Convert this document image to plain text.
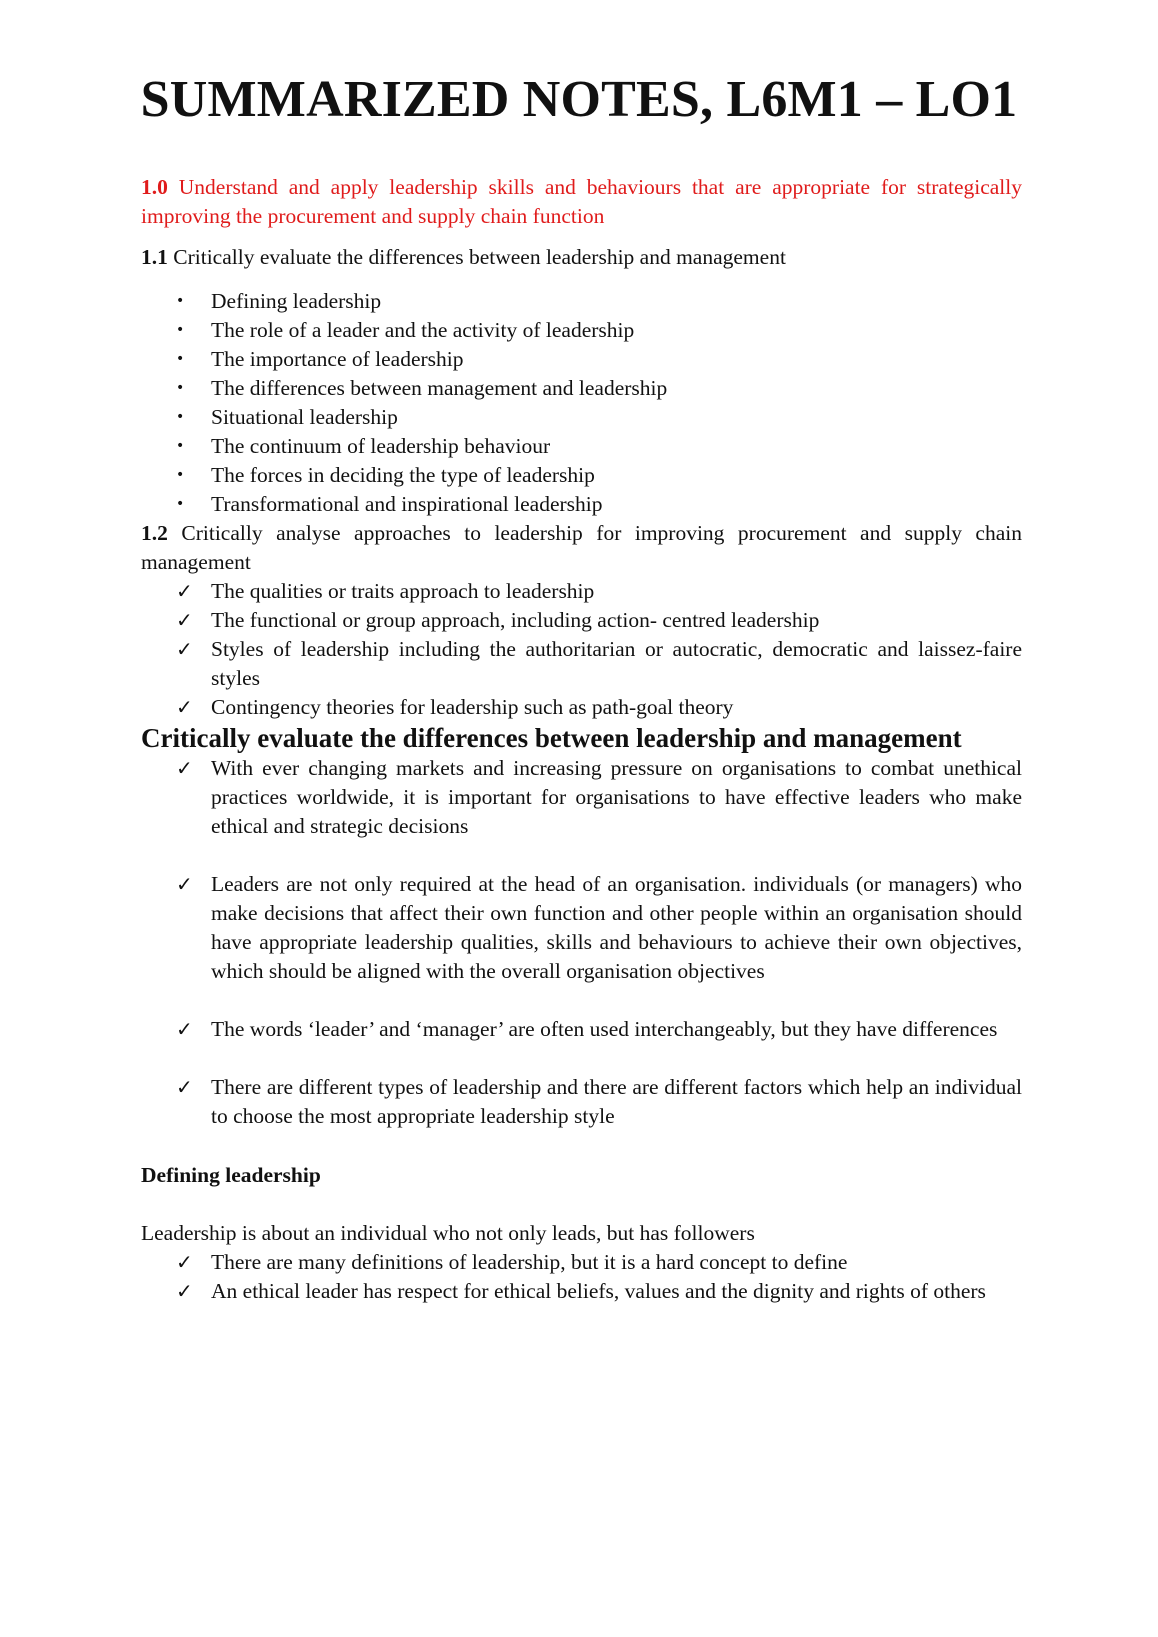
SUMMARIZED NOTES, L6M1 – LO1

1.0 Understand and apply leadership skills and behaviours that are appropriate for strategically improving the procurement and supply chain function

1.1 Critically evaluate the differences between leadership and management

• Defining leadership
• The role of a leader and the activity of leadership
• The importance of leadership
• The differences between management and leadership
• Situational leadership
• The continuum of leadership behaviour
• The forces in deciding the type of leadership
• Transformational and inspirational leadership

1.2 Critically analyse approaches to leadership for improving procurement and supply chain management

✓ The qualities or traits approach to leadership
✓ The functional or group approach, including action- centred leadership
✓ Styles of leadership including the authoritarian or autocratic, democratic and laissez-faire styles
✓ Contingency theories for leadership such as path-goal theory
Critically evaluate the differences between leadership and management
✓ With ever changing markets and increasing pressure on organisations to combat unethical practices worldwide, it is important for organisations to have effective leaders who make ethical and strategic decisions
✓ Leaders are not only required at the head of an organisation. individuals (or managers) who make decisions that affect their own function and other people within an organisation should have appropriate leadership qualities, skills and behaviours to achieve their own objectives, which should be aligned with the overall organisation objectives
✓ The words ‘leader’ and ‘manager’ are often used interchangeably, but they have differences
✓ There are different types of leadership and there are different factors which help an individual to choose the most appropriate leadership style

Defining leadership

Leadership is about an individual who not only leads, but has followers

✓ There are many definitions of leadership, but it is a hard concept to define
✓ An ethical leader has respect for ethical beliefs, values and the dignity and rights of others
